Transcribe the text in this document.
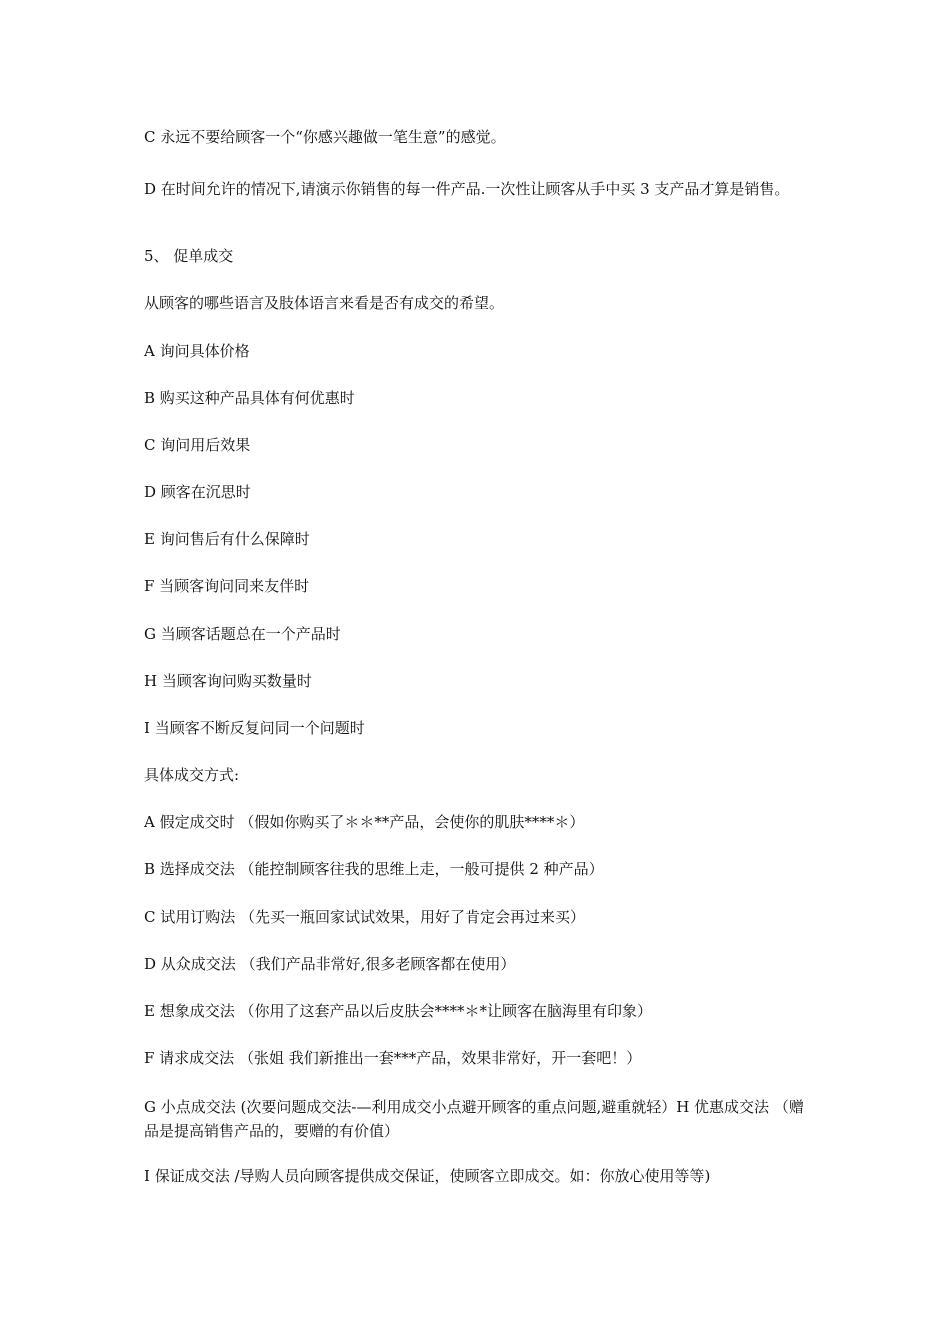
C 永远不要给顾客一个“你感兴趣做一笔生意”的感觉。

D 在时间允许的情况下,请演示你销售的每一件产品.一次性让顾客从手中买 3 支产品才算是销售。

5、 促单成交

从顾客的哪些语言及肢体语言来看是否有成交的希望。

A 询问具体价格

B 购买这种产品具体有何优惠时

C 询问用后效果

D 顾客在沉思时

E 询问售后有什么保障时

F 当顾客询问同来友伴时

G 当顾客话题总在一个产品时

H 当顾客询问购买数量时

I 当顾客不断反复问同一个问题时

具体成交方式:

A 假定成交时 （假如你购买了＊＊**产品，会使你的肌肤****＊）

B 选择成交法 （能控制顾客往我的思维上走，一般可提供 2 种产品）

C 试用订购法 （先买一瓶回家试试效果，用好了肯定会再过来买）

D 从众成交法 （我们产品非常好,很多老顾客都在使用）

E 想象成交法 （你用了这套产品以后皮肤会****＊*让顾客在脑海里有印象）

F 请求成交法 （张姐 我们新推出一套***产品，效果非常好，开一套吧！）

G 小点成交法 (次要问题成交法-—利用成交小点避开顾客的重点问题,避重就轻）H 优惠成交法 （赠品是提高销售产品的，要赠的有价值）

I 保证成交法 /导购人员向顾客提供成交保证，使顾客立即成交。如：你放心使用等等)
